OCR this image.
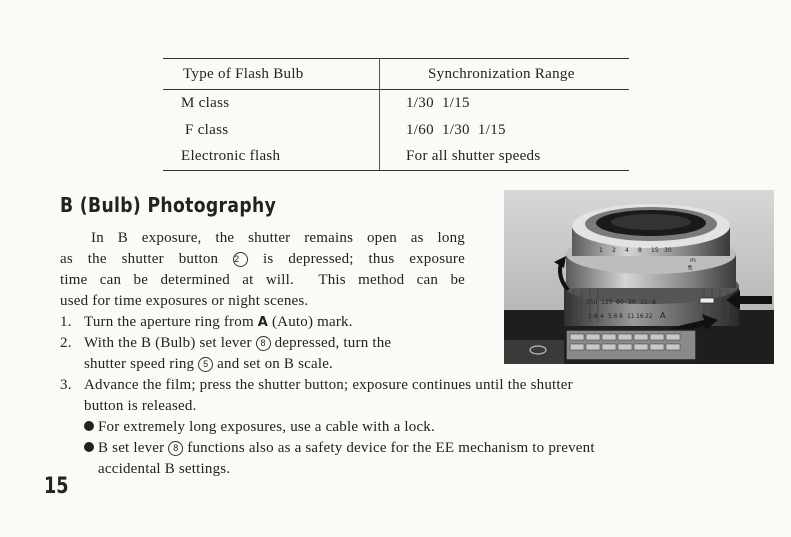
Type of Flash Bulb	Synchronization Range
M class	1/30  1/15
F class	1/60  1/30  1/15
Electronic flash	For all shutter speeds
B (Bulb) Photography
In B exposure, the shutter remains open as long
as the shutter button 2 is depressed; thus exposure
time can be determined at will.  This method can be
used for time exposures or night scenes.
1. Turn the aperture ring from A (Auto) mark.
2. With the B (Bulb) set lever 8 depressed, turn the
shutter speed ring 5 and set on B scale.
3. Advance the film; press the shutter button; exposure continues until the shutter
button is released.
For extremely long exposures, use a cable with a lock.
B set lever 8 functions also as a safety device for the EE mechanism to prevent
accidental B settings.
15
1 2 4 8 15 30
m
ft
250 125 60 30 15 8
2.8 4 5.6 8 11 16 22 A
